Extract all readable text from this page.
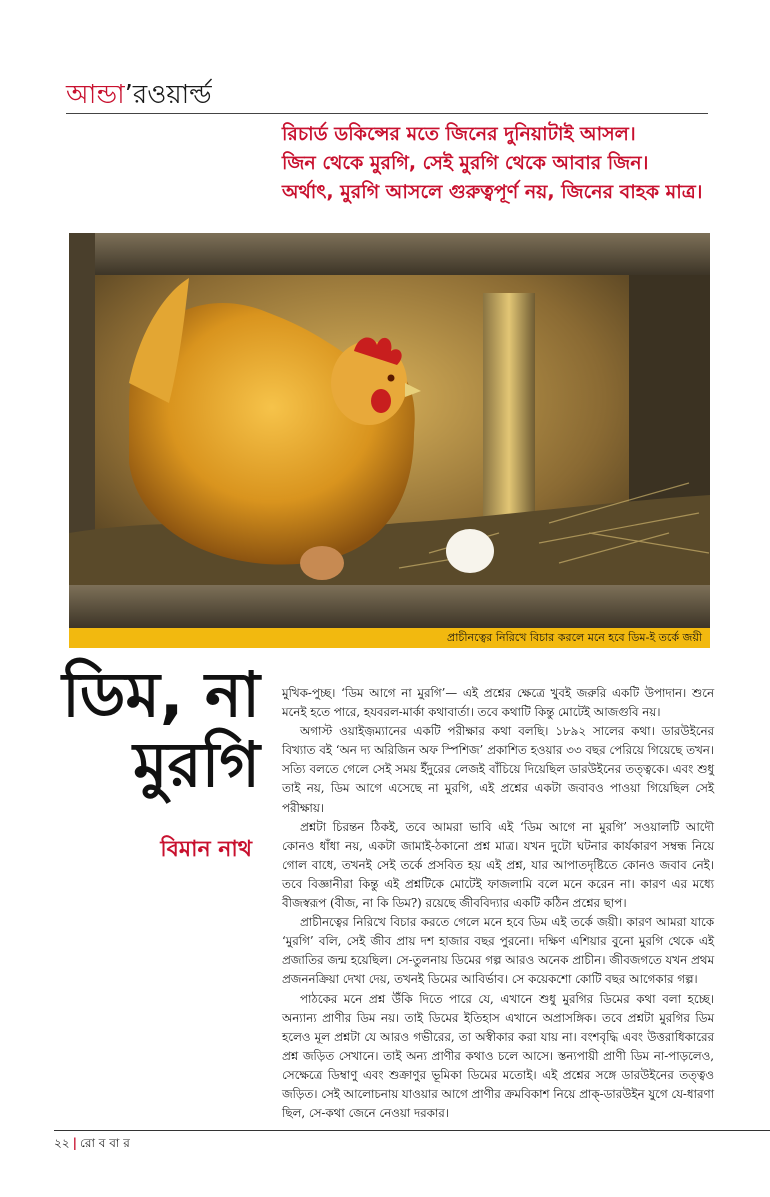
আন্ডা’রওয়ার্ল্ড
রিচার্ড ডকিন্সের মতে জিনের দুনিয়াটাই আসল।
জিন থেকে মুরগি, সেই মুরগি থেকে আবার জিন।
অর্থাৎ, মুরগি আসলে গুরুত্বপূর্ণ নয়, জিনের বাহক মাত্র।
প্রাচীনত্বের নিরিখে বিচার করলে মনে হবে ডিম-ই তর্কে জয়ী
ডিম, না
মুরগি
বিমান নাথ

মুখিক-পুচ্ছ। ‘ডিম আগে না মুরগি’— এই প্রশ্নের ক্ষেত্রে খুবই জরুরি একটি উপাদান। শুনে মনেই হতে পারে, হযবরল-মার্কা কথাবার্তা। তবে কথাটি কিন্তু মোটেই আজগুবি নয়।

অগাস্ট ওয়াইজ়ম্যানের একটি পরীক্ষার কথা বলছি। ১৮৯২ সালের কথা। ডারউইনের বিখ্যাত বই ‘অন দ্য অরিজিন অফ স্পিশিজ’ প্রকাশিত হওয়ার ৩৩ বছর পেরিয়ে গিয়েছে তখন। সত্যি বলতে গেলে সেই সময় ইঁদুরের লেজই বাঁচিয়ে দিয়েছিল ডারউইনের তত্ত্বকে। এবং শুধু তাই নয়, ডিম আগে এসেছে না মুরগি, এই প্রশ্নের একটা জবাবও পাওয়া গিয়েছিল সেই পরীক্ষায়।

প্রশ্নটা চিরন্তন ঠিকই, তবে আমরা ভাবি এই ‘ডিম আগে না মুরগি’ সওয়ালটি আদৌ কোনও ধাঁধা নয়, একটা জামাই-ঠকানো প্রশ্ন মাত্র। যখন দুটো ঘটনার কার্যকারণ সম্বন্ধ নিয়ে গোল বাধে, তখনই সেই তর্কে প্রসবিত হয় এই প্রশ্ন, যার আপাতদৃষ্টিতে কোনও জবাব নেই। তবে বিজ্ঞানীরা কিন্তু এই প্রশ্নটিকে মোটেই ফাজলামি বলে মনে করেন না। কারণ এর মধ্যে বীজস্বরূপ (বীজ, না কি ডিম?) রয়েছে জীববিদ্যার একটি কঠিন প্রশ্নের ছাপ।

প্রাচীনত্বের নিরিখে বিচার করতে গেলে মনে হবে ডিম এই তর্কে জয়ী। কারণ আমরা যাকে ‘মুরগি’ বলি, সেই জীব প্রায় দশ হাজার বছর পুরনো। দক্ষিণ এশিয়ার বুনো মুরগি থেকে এই প্রজাতির জন্ম হয়েছিল। সে-তুলনায় ডিমের গল্প আরও অনেক প্রাচীন। জীবজগতে যখন প্রথম প্রজননক্রিয়া দেখা দেয়, তখনই ডিমের আবির্ভাব। সে কয়েকশো কোটি বছর আগেকার গল্প।

পাঠকের মনে প্রশ্ন উঁকি দিতে পারে যে, এখানে শুধু মুরগির ডিমের কথা বলা হচ্ছে। অন্যান্য প্রাণীর ডিম নয়। তাই ডিমের ইতিহাস এখানে অপ্রাসঙ্গিক। তবে প্রশ্নটা মুরগির ডিম হলেও মূল প্রশ্নটা যে আরও গভীরের, তা অস্বীকার করা যায় না। বংশবৃদ্ধি এবং উত্তরাধিকারের প্রশ্ন জড়িত সেখানে। তাই অন্য প্রাণীর কথাও চলে আসে। স্তন্যপায়ী প্রাণী ডিম না-পাড়লেও, সেক্ষেত্রে ডিম্বাণু এবং শুক্রাণুর ভূমিকা ডিমের মতোই। এই প্রশ্নের সঙ্গে ডারউইনের তত্ত্বও জড়িত। সেই আলোচনায় যাওয়ার আগে প্রাণীর ক্রমবিকাশ নিয়ে প্রাক্-ডারউইন যুগে যে-ধারণা ছিল, সে-কথা জেনে নেওয়া দরকার।

২২ | রো ব বা র
